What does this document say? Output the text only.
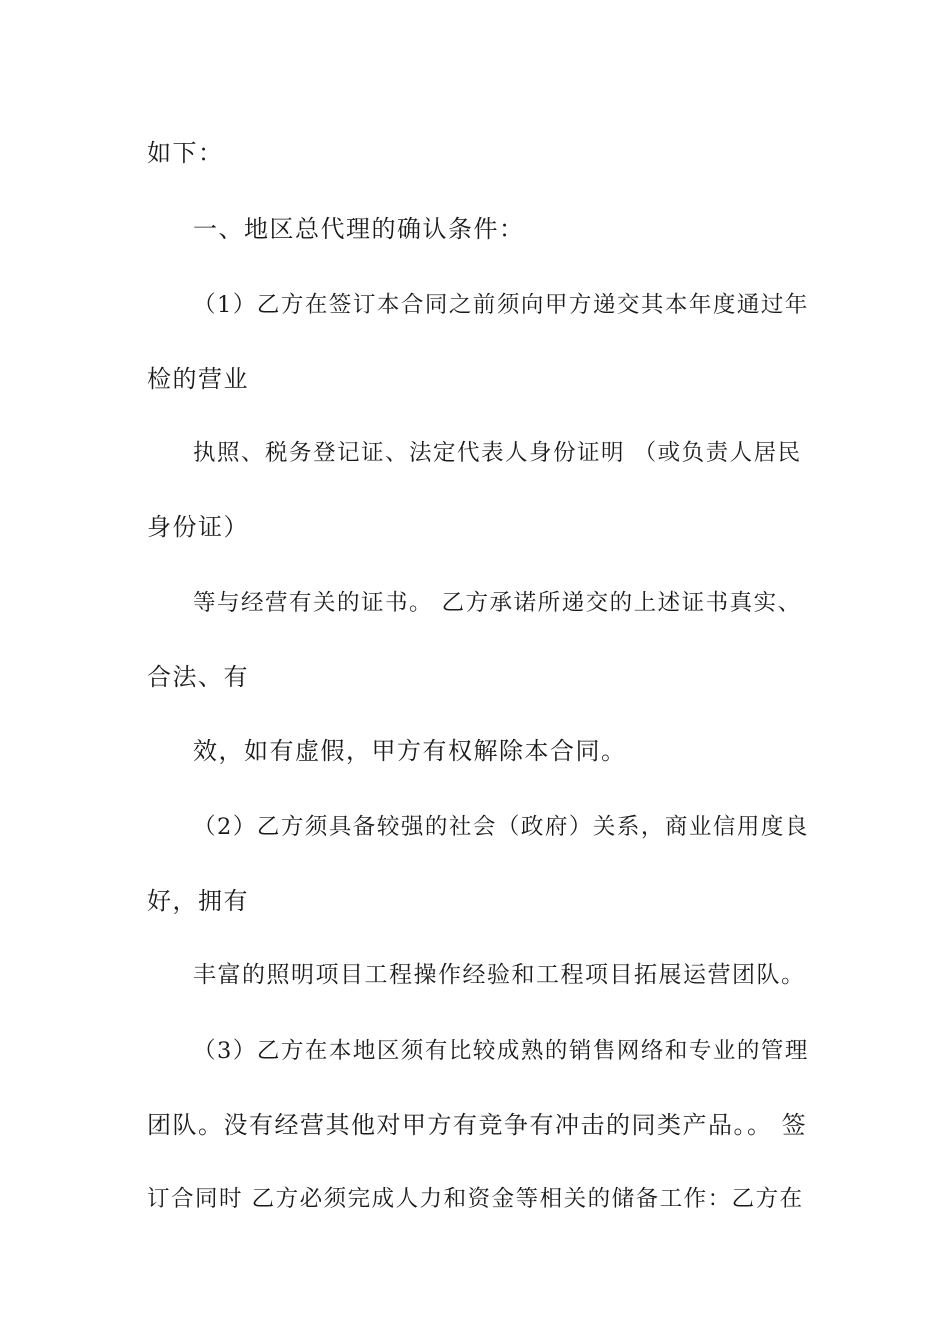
如下：
一、地区总代理的确认条件：
（1）乙方在签订本合同之前须向甲方递交其本年度通过年
检的营业
执照、税务登记证、法定代表人身份证明 （或负责人居民
身份证）
等与经营有关的证书。 乙方承诺所递交的上述证书真实、
合法、有
效，如有虚假，甲方有权解除本合同。
（2）乙方须具备较强的社会（政府）关系，商业信用度良
好，拥有
丰富的照明项目工程操作经验和工程项目拓展运营团队。
（3）乙方在本地区须有比较成熟的销售网络和专业的管理
团队。没有经营其他对甲方有竞争有冲击的同类产品。。 签
订合同时 乙方必须完成人力和资金等相关的储备工作：乙方在
